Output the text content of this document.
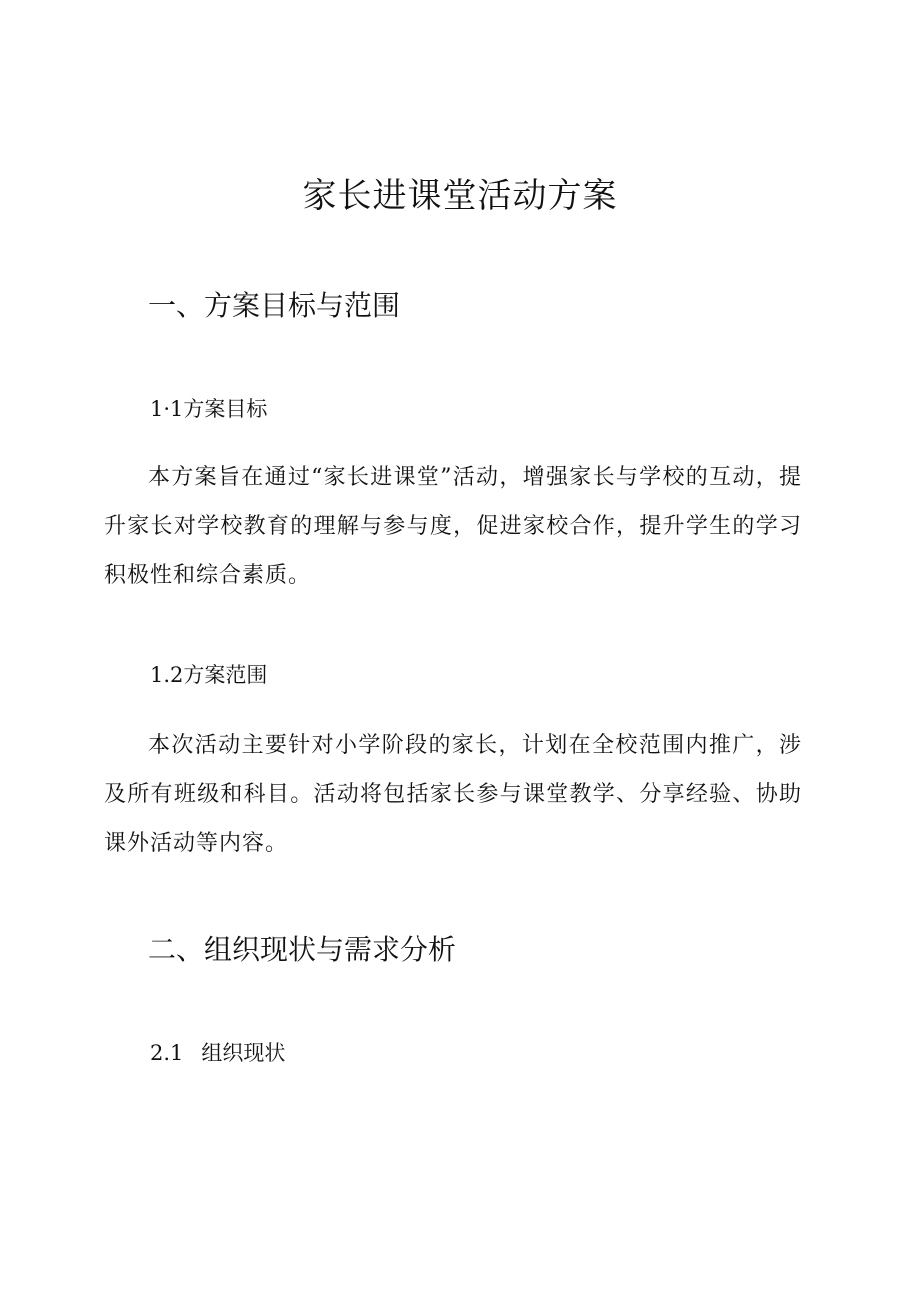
家长进课堂活动方案
一、方案目标与范围
1·1方案目标

本方案旨在通过“家长进课堂”活动，增强家长与学校的互动，提升家长对学校教育的理解与参与度，促进家校合作，提升学生的学习积极性和综合素质。

1.2方案范围

本次活动主要针对小学阶段的家长，计划在全校范围内推广，涉及所有班级和科目。活动将包括家长参与课堂教学、分享经验、协助课外活动等内容。

二、组织现状与需求分析
2.1 组织现状
